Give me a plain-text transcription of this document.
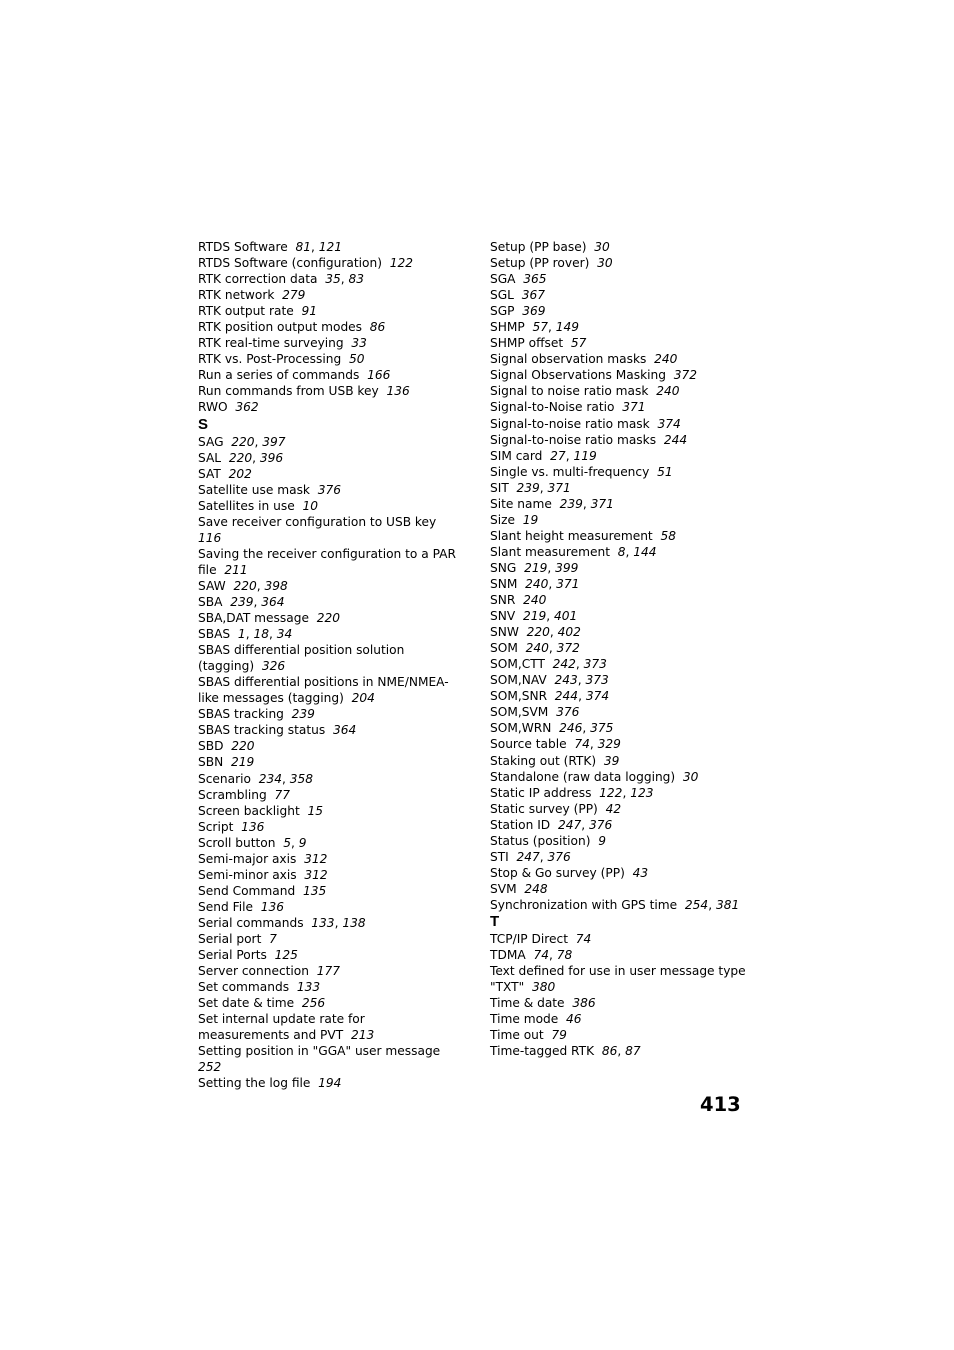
RTDS Software 81, 121
RTDS Software (configuration) 122
RTK correction data 35, 83
RTK network 279
RTK output rate 91
RTK position output modes 86
RTK real-time surveying 33
RTK vs. Post-Processing 50
Run a series of commands 166
Run commands from USB key 136
RWO 362
S
SAG 220, 397
SAL 220, 396
SAT 202
Satellite use mask 376
Satellites in use 10
Save receiver configuration to USB key  116
Saving the receiver configuration to a PAR file 211
SAW 220, 398
SBA 239, 364
SBA,DAT message 220
SBAS 1, 18, 34
SBAS differential position solution (tagging) 326
SBAS differential positions in NME/NMEA-like messages (tagging) 204
SBAS tracking 239
SBAS tracking status 364
SBD 220
SBN 219
Scenario 234, 358
Scrambling 77
Screen backlight 15
Script 136
Scroll button 5, 9
Semi-major axis 312
Semi-minor axis 312
Send Command 135
Send File 136
Serial commands 133, 138
Serial port 7
Serial Ports 125
Server connection 177
Set commands 133
Set date & time 256
Set internal update rate for measurements and PVT 213
Setting position in "GGA" user message  252
Setting the log file 194
Setup (PP base) 30
Setup (PP rover) 30
SGA 365
SGL 367
SGP 369
SHMP 57, 149
SHMP offset 57
Signal observation masks 240
Signal Observations Masking 372
Signal to noise ratio mask 240
Signal-to-Noise ratio 371
Signal-to-noise ratio mask 374
Signal-to-noise ratio masks 244
SIM card 27, 119
Single vs. multi-frequency 51
SIT 239, 371
Site name 239, 371
Size 19
Slant height measurement 58
Slant measurement 8, 144
SNG 219, 399
SNM 240, 371
SNR 240
SNV 219, 401
SNW 220, 402
SOM 240, 372
SOM,CTT 242, 373
SOM,NAV 243, 373
SOM,SNR 244, 374
SOM,SVM 376
SOM,WRN 246, 375
Source table 74, 329
Staking out (RTK) 39
Standalone (raw data logging) 30
Static IP address 122, 123
Static survey (PP) 42
Station ID 247, 376
Status (position) 9
STI 247, 376
Stop & Go survey (PP) 43
SVM 248
Synchronization with GPS time 254, 381
T
TCP/IP Direct 74
TDMA 74, 78
Text defined for use in user message type "TXT" 380
Time & date 386
Time mode 46
Time out 79
Time-tagged RTK 86, 87
413
